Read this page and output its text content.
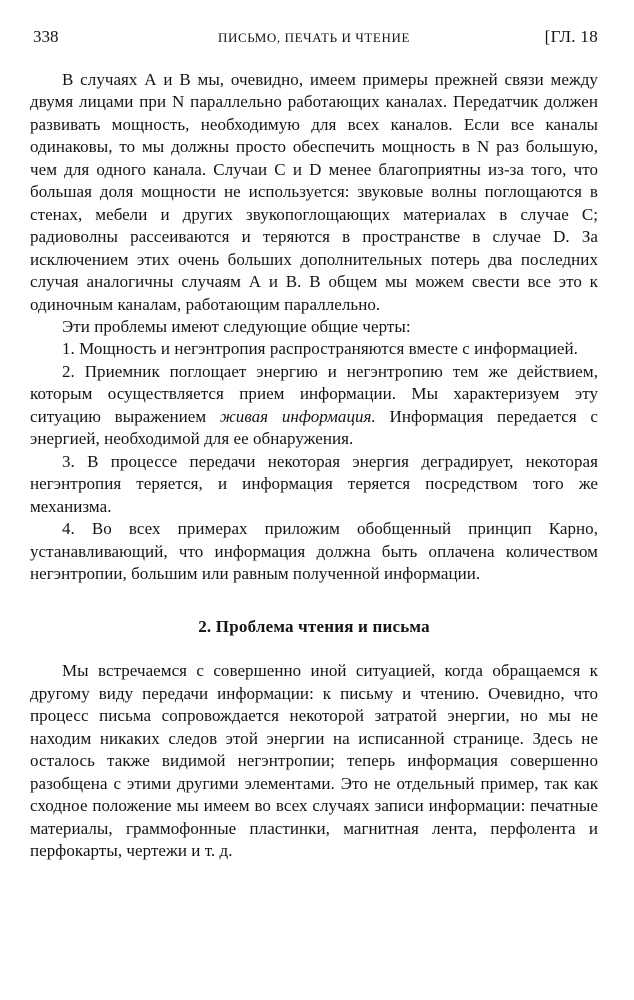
338	ПИСЬМО, ПЕЧАТЬ И ЧТЕНИЕ	[ГЛ. 18

В случаях А и В мы, очевидно, имеем примеры прежней связи между двумя лицами при N параллельно работающих каналах. Передатчик должен развивать мощность, необходимую для всех каналов. Если все каналы одинаковы, то мы должны просто обеспечить мощность в N раз большую, чем для одного канала. Случаи С и D менее благоприятны из-за того, что большая доля мощности не используется: звуковые волны поглощаются в стенах, мебели и других звукопоглощающих материалах в случае С; радиоволны рассеиваются и теряются в пространстве в случае D. За исключением этих очень больших дополнительных потерь два последних случая аналогичны случаям А и В. В общем мы можем свести все это к одиночным каналам, работающим параллельно.

Эти проблемы имеют следующие общие черты:

1. Мощность и негэнтропия распространяются вместе с информацией.

2. Приемник поглощает энергию и негэнтропию тем же действием, которым осуществляется прием информации. Мы характеризуем эту ситуацию выражением живая информация. Информация передается с энергией, необходимой для ее обнаружения.

3. В процессе передачи некоторая энергия деградирует, некоторая негэнтропия теряется, и информация теряется посредством того же механизма.

4. Во всех примерах приложим обобщенный принцип Карно, устанавливающий, что информация должна быть оплачена количеством негэнтропии, большим или равным полученной информации.

2. Проблема чтения и письма

Мы встречаемся с совершенно иной ситуацией, когда обращаемся к другому виду передачи информации: к письму и чтению. Очевидно, что процесс письма сопровождается некоторой затратой энергии, но мы не находим никаких следов этой энергии на исписанной странице. Здесь не осталось также видимой негэнтропии; теперь информация совершенно разобщена с этими другими элементами. Это не отдельный пример, так как сходное положение мы имеем во всех случаях записи информации: печатные материалы, граммофонные пластинки, магнитная лента, перфолента и перфокарты, чертежи и т. д.
